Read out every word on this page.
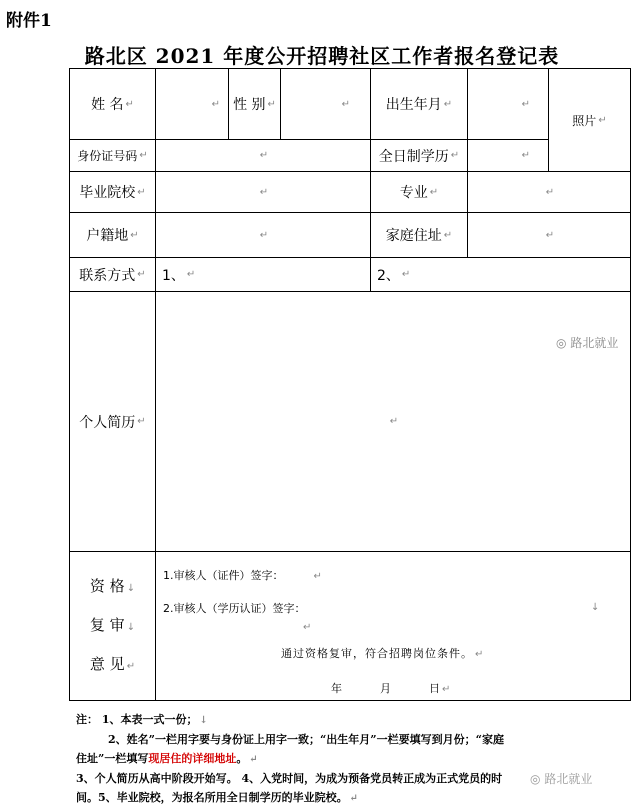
附件1
路北区 2021 年度公开招聘社区工作者报名登记表
姓 名 ↵	↵ 性 别 ↵	↵	出生年月 ↵	↵
照片 ↵
身份证号码 ↵	↵	全日制学历 ↵	↵
毕业院校 ↵	↵	专业 ↵	↵
户籍地 ↵	↵	家庭住址 ↵	↵
联系方式 ↵ 1、 ↵	2、 ↵
个人简历 ↵	↵
资 格 ↓
复 审 ↓
意 见 ↵
1.审核人（证件）签字：	↵
2.审核人（学历认证）签字：	↓
↵
通过资格复审，符合招聘岗位条件。 ↵
年	月	日 ↵
注： 1、本表一式一份； ↓
2、姓名”一栏用字要与身份证上用字一致；“出生年月”一栏要填写到月份；“家庭
住址”一栏填写现居住的详细地址。 ↵
3、个人简历从高中阶段开始写。 4、入党时间，为成为预备党员转正成为正式党员的时
间。5、毕业院校，为报名所用全日制学历的毕业院校。 ↵
◎ 路北就业
◎ 路北就业
